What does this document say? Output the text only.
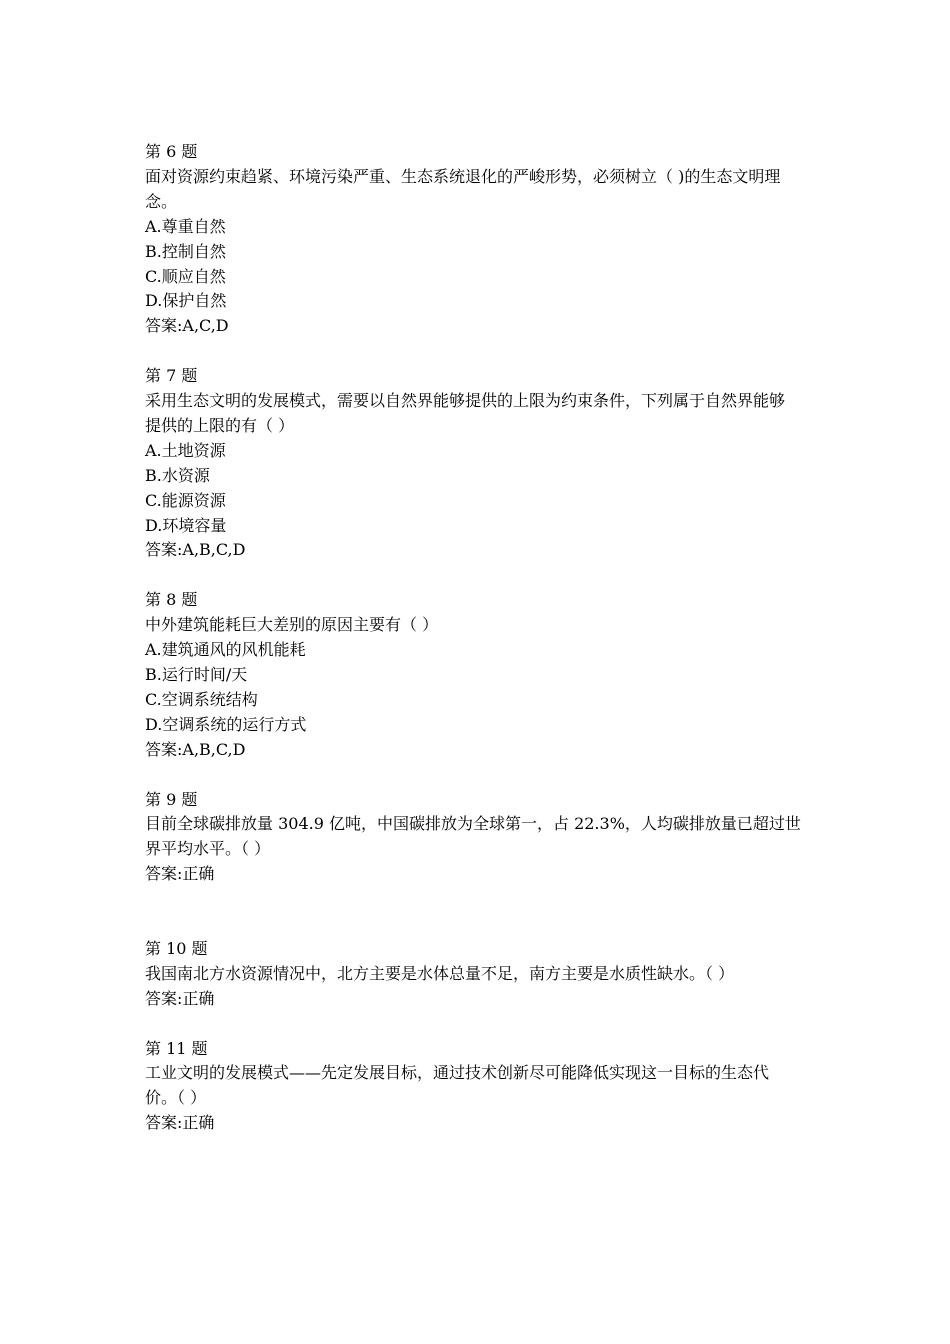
第 6 题
面对资源约束趋紧、环境污染严重、生态系统退化的严峻形势，必须树立（ )的生态文明理
念。
A.尊重自然
B.控制自然
C.顺应自然
D.保护自然
答案:A,C,D
第 7 题
采用生态文明的发展模式，需要以自然界能够提供的上限为约束条件，下列属于自然界能够
提供的上限的有（ ）
A.土地资源
B.水资源
C.能源资源
D.环境容量
答案:A,B,C,D
第 8 题
中外建筑能耗巨大差别的原因主要有（ ）
A.建筑通风的风机能耗
B.运行时间/天
C.空调系统结构
D.空调系统的运行方式
答案:A,B,C,D
第 9 题
目前全球碳排放量 304.9 亿吨，中国碳排放为全球第一，占 22.3%，人均碳排放量已超过世
界平均水平。（ ）
答案:正确
第 10 题
我国南北方水资源情况中，北方主要是水体总量不足，南方主要是水质性缺水。（ ）
答案:正确
第 11 题
工业文明的发展模式——先定发展目标，通过技术创新尽可能降低实现这一目标的生态代
价。（ ）
答案:正确
